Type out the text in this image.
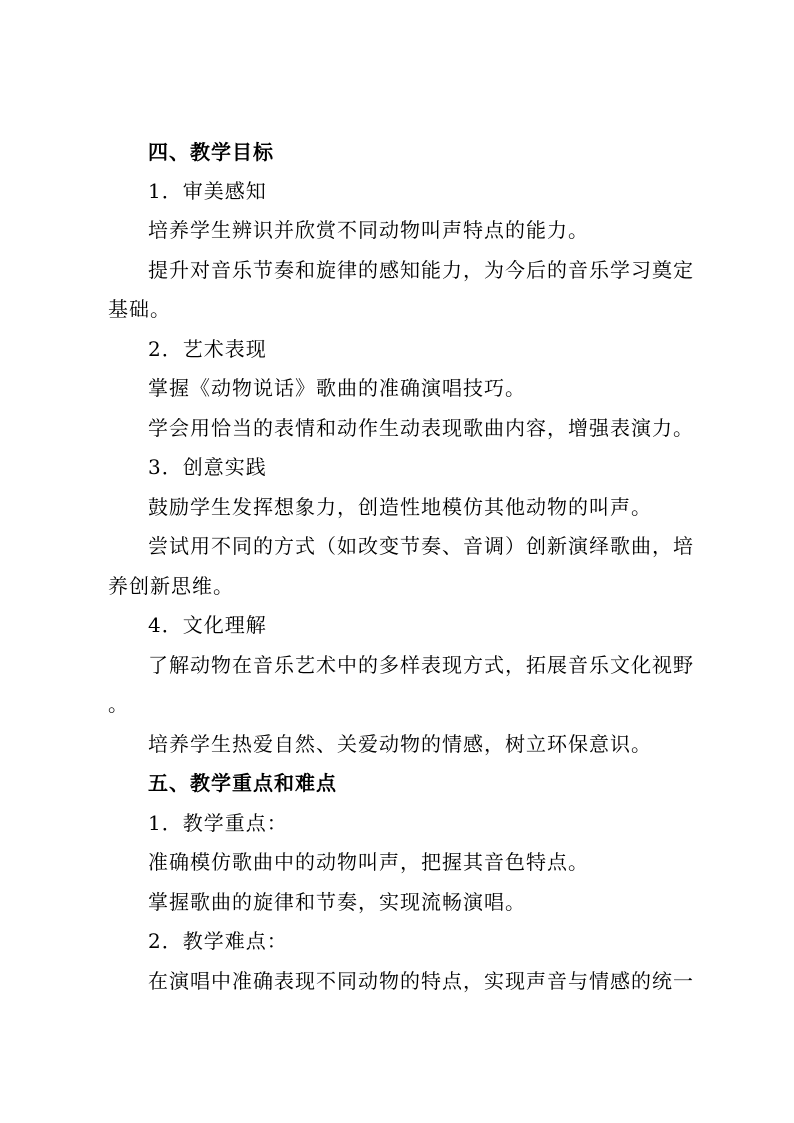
四、教学目标
1．审美感知
培养学生辨识并欣赏不同动物叫声特点的能力。
提升对音乐节奏和旋律的感知能力，为今后的音乐学习奠定
基础。
2．艺术表现
掌握《动物说话》歌曲的准确演唱技巧。
学会用恰当的表情和动作生动表现歌曲内容，增强表演力。
3．创意实践
鼓励学生发挥想象力，创造性地模仿其他动物的叫声。
尝试用不同的方式（如改变节奏、音调）创新演绎歌曲，培
养创新思维。
4．文化理解
了解动物在音乐艺术中的多样表现方式，拓展音乐文化视野
。
培养学生热爱自然、关爱动物的情感，树立环保意识。
五、教学重点和难点
1．教学重点：
准确模仿歌曲中的动物叫声，把握其音色特点。
掌握歌曲的旋律和节奏，实现流畅演唱。
2．教学难点：
在演唱中准确表现不同动物的特点，实现声音与情感的统一
